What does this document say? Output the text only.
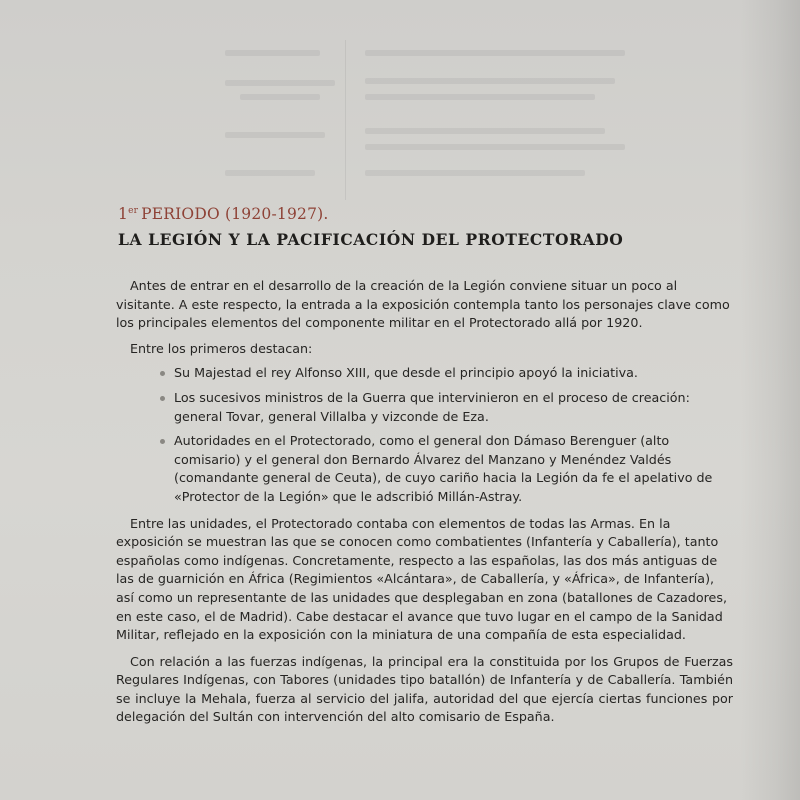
1er PERIODO (1920-1927).
LA LEGIÓN Y LA PACIFICACIÓN DEL PROTECTORADO

Antes de entrar en el desarrollo de la creación de la Legión conviene situar un poco al visitante. A este respecto, la entrada a la exposición contempla tanto los personajes clave como los principales elementos del componente militar en el Protectorado allá por 1920.

Entre los primeros destacan:

Su Majestad el rey Alfonso XIII, que desde el principio apoyó la iniciativa.
Los sucesivos ministros de la Guerra que intervinieron en el proceso de creación: general Tovar, general Villalba y vizconde de Eza.
Autoridades en el Protectorado, como el general don Dámaso Berenguer (alto comisario) y el general don Bernardo Álvarez del Manzano y Menéndez Valdés (comandante general de Ceuta), de cuyo cariño hacia la Legión da fe el apelativo de «Protector de la Legión» que le adscribió Millán-Astray.

Entre las unidades, el Protectorado contaba con elementos de todas las Armas. En la exposición se muestran las que se conocen como combatientes (Infantería y Caballería), tanto españolas como indígenas. Concretamente, respecto a las españolas, las dos más antiguas de las de guarnición en África (Regimientos «Alcántara», de Caballería, y «África», de Infantería), así como un representante de las unidades que desplegaban en zona (batallones de Cazadores, en este caso, el de Madrid). Cabe destacar el avance que tuvo lugar en el campo de la Sanidad Militar, reflejado en la exposición con la miniatura de una compañía de esta especialidad.

Con relación a las fuerzas indígenas, la principal era la constituida por los Grupos de Fuerzas Regulares Indígenas, con Tabores (unidades tipo batallón) de Infantería y de Caballería. También se incluye la Mehala, fuerza al servicio del jalifa, autoridad del que ejercía ciertas funciones por delegación del Sultán con intervención del alto comisario de España.
